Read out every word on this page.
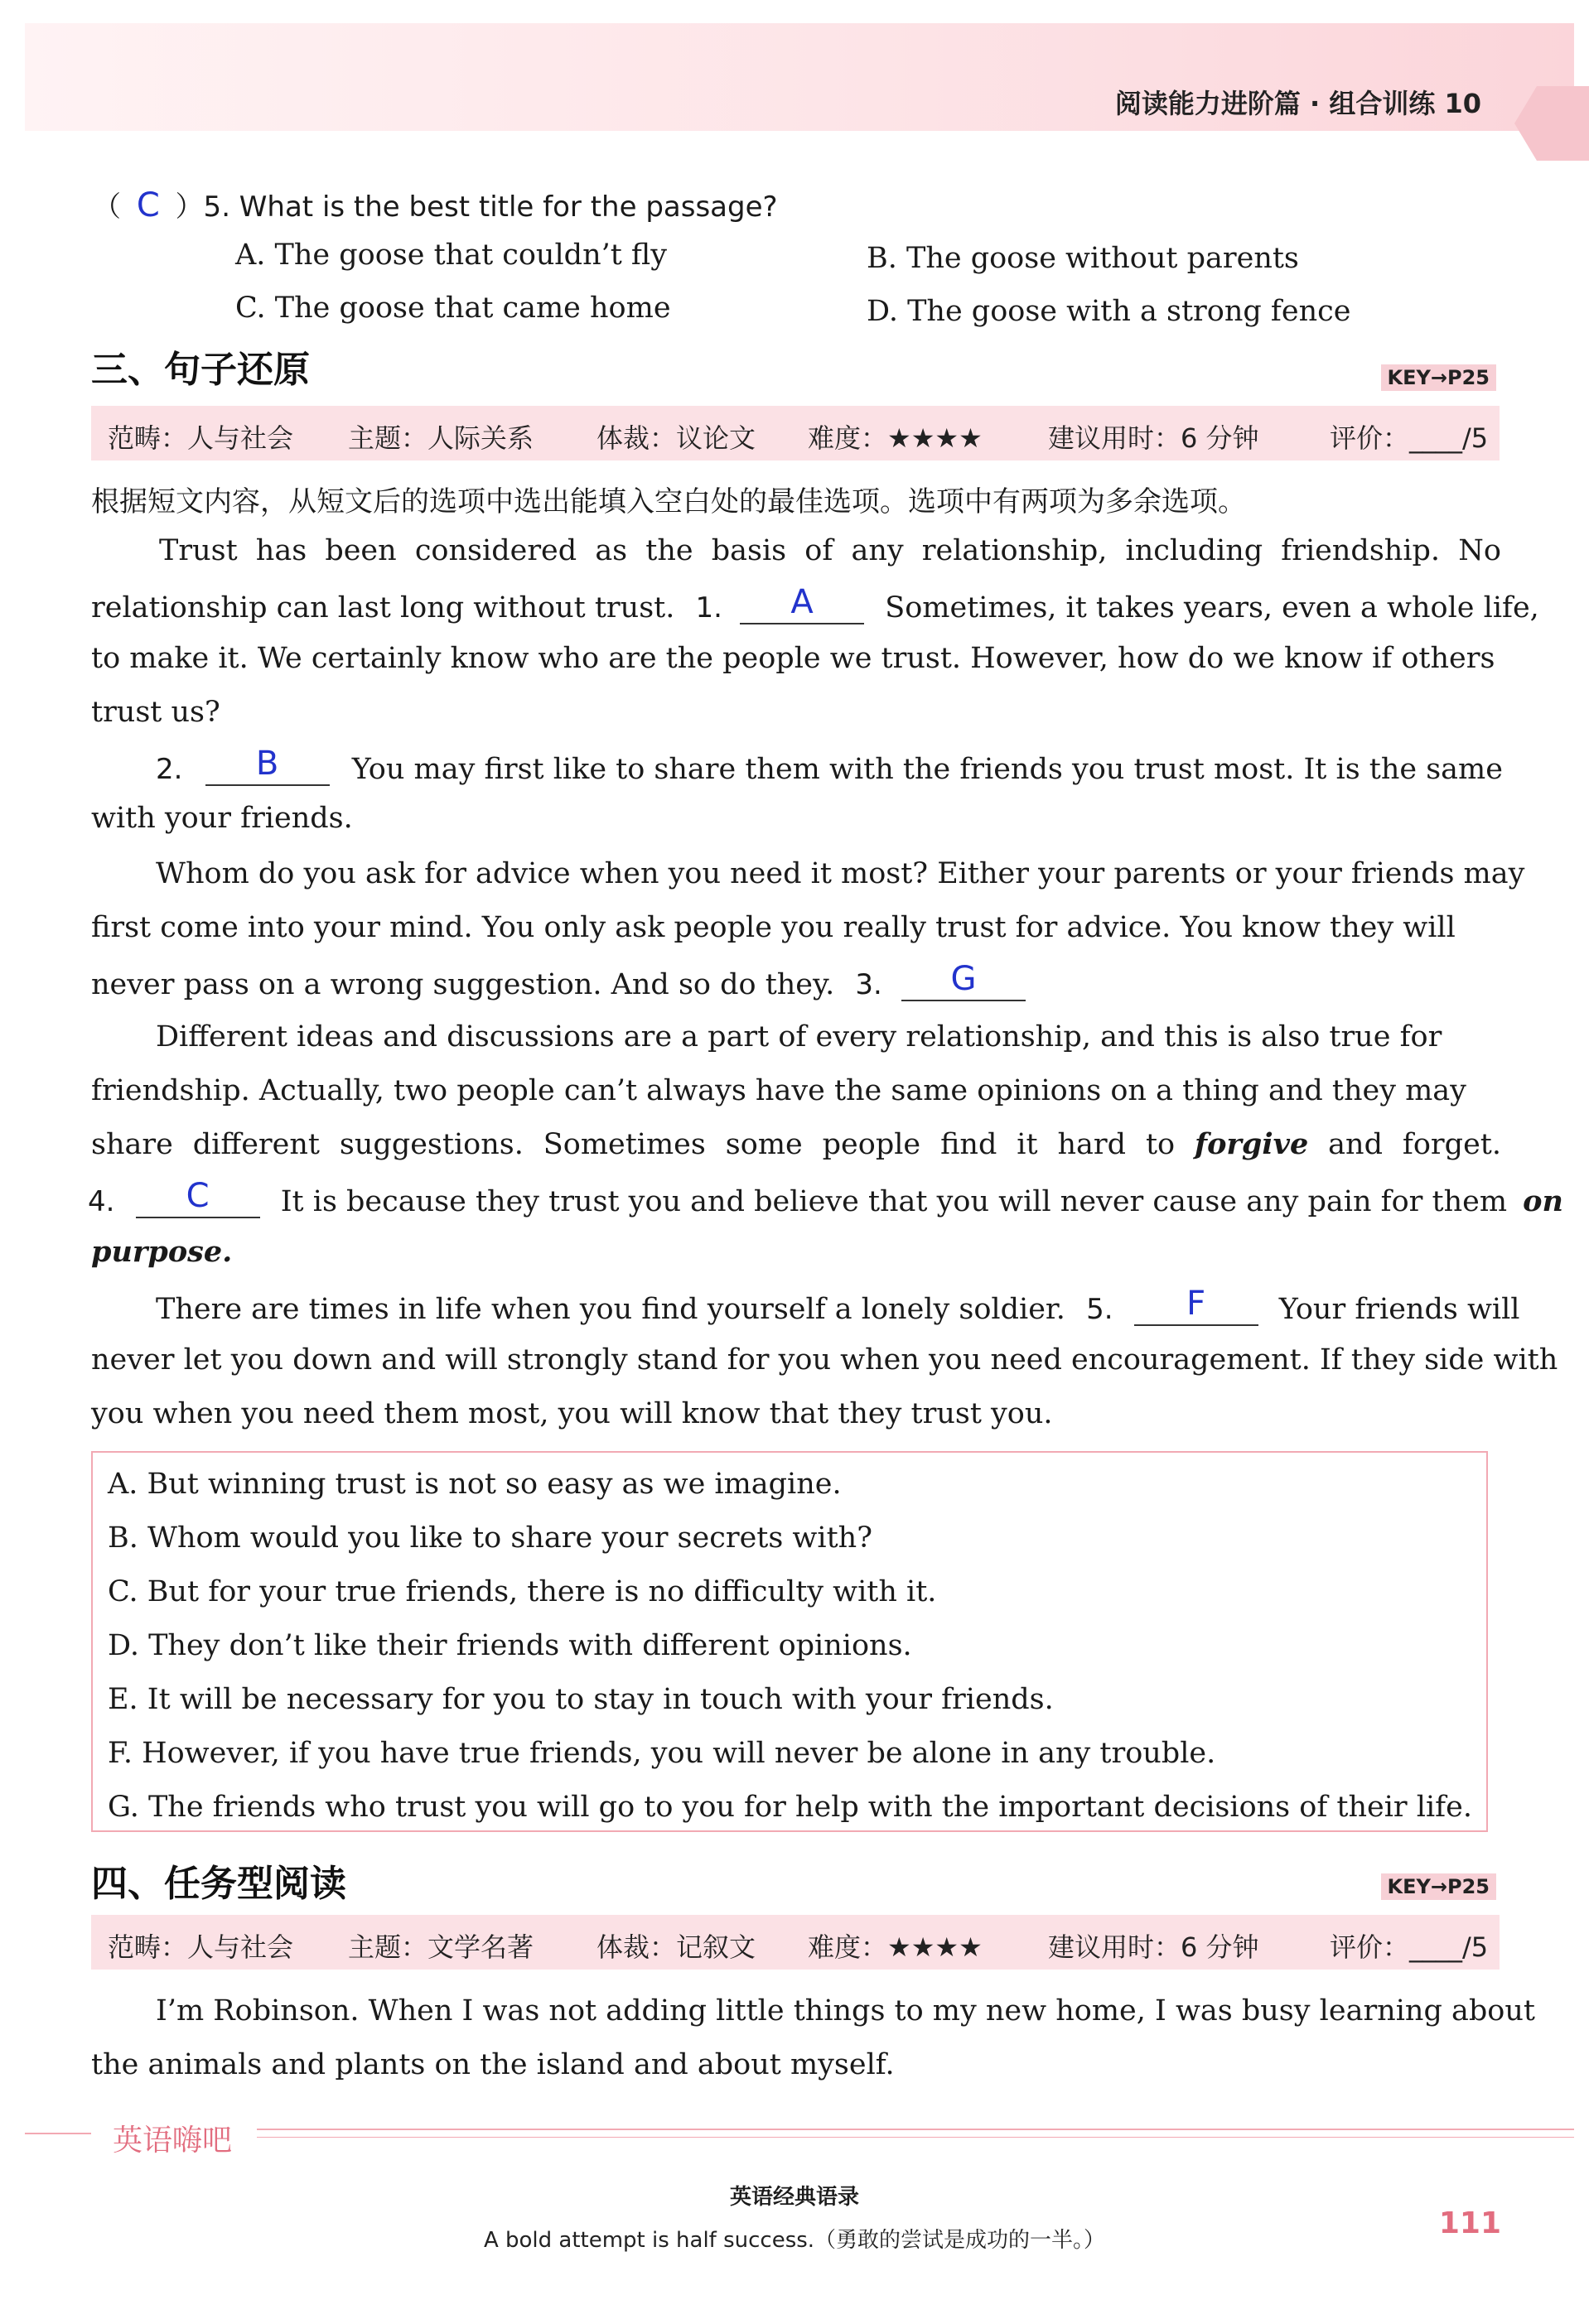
阅读能力进阶篇 · 组合训练 10
（ C ）5. What is the best title for the passage?
A. The goose that couldn’t fly	B. The goose without parents
C. The goose that came home	D. The goose with a strong fence
三、句子还原	KEY→P25
范畴：人与社会 主题：人际关系 体裁：议论文 难度：★★★★ 建议用时：6 分钟	评价：____/5
根据短文内容，从短文后的选项中选出能填入空白处的最佳选项。选项中有两项为多余选项。
Trust has been considered as the basis of any relationship, including friendship. No
relationship can last long without trust. 1. A Sometimes, it takes years, even a whole life,
to make it. We certainly know who are the people we trust. However, how do we know if others
trust us?
2. B	You may first like to share them with the friends you trust most. It is the same
with your friends.
Whom do you ask for advice when you need it most? Either your parents or your friends may
first come into your mind. You only ask people you really trust for advice. You know they will
never pass on a wrong suggestion. And so do they. 3. G
Different ideas and discussions are a part of every relationship, and this is also true for
friendship. Actually, two people can’t always have the same opinions on a thing and they may
share different suggestions. Sometimes some people find it hard to forgive and forget.
4. C It is because they trust you and believe that you will never cause any pain for them on
purpose.
There are times in life when you find yourself a lonely soldier. 5. F	Your friends will
never let you down and will strongly stand for you when you need encouragement. If they side with
you when you need them most, you will know that they trust you.
A. But winning trust is not so easy as we imagine.
B. Whom would you like to share your secrets with?
C. But for your true friends, there is no difficulty with it.
D. They don’t like their friends with different opinions.
E. It will be necessary for you to stay in touch with your friends.
F. However, if you have true friends, you will never be alone in any trouble.
G. The friends who trust you will go to you for help with the important decisions of their life.
四、任务型阅读	KEY→P25
范畴：人与社会 主题：文学名著 体裁：记叙文 难度：★★★★ 建议用时：6 分钟	评价：____/5
I’m Robinson. When I was not adding little things to my new home, I was busy learning about
the animals and plants on the island and about myself.
英语嗨吧
英语经典语录
A bold attempt is half success.（勇敢的尝试是成功的一半。）	111
